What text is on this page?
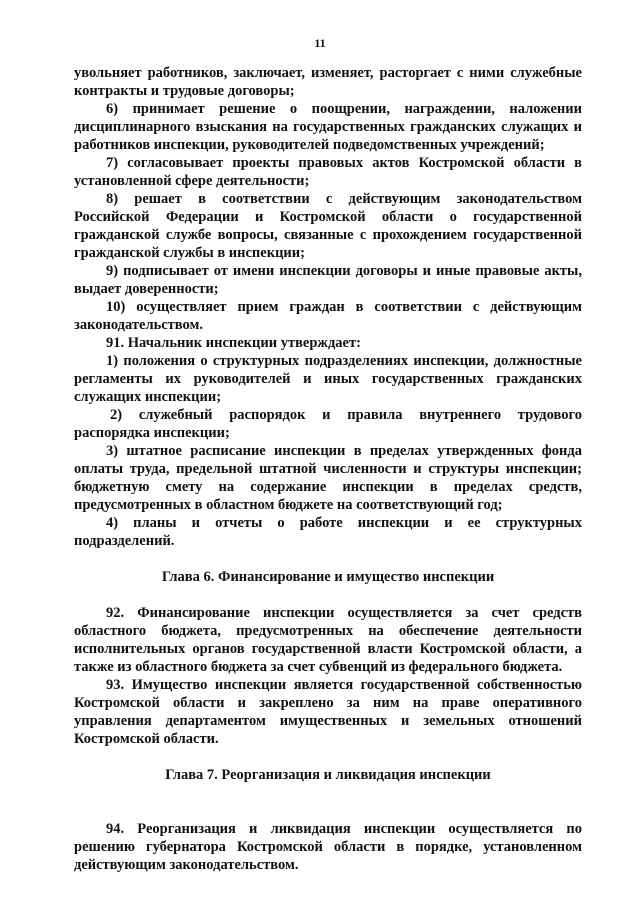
11

увольняет работников, заключает, изменяет, расторгает с ними служебные контракты и трудовые договоры;

6) принимает решение о поощрении, награждении, наложении дисциплинарного взыскания на государственных гражданских служащих и работников инспекции, руководителей подведомственных учреждений;

7) согласовывает проекты правовых актов Костромской области в установленной сфере деятельности;

8) решает в соответствии с действующим законодательством Российской Федерации и Костромской области о государственной гражданской службе вопросы, связанные с прохождением государственной гражданской службы в инспекции;

9) подписывает от имени инспекции договоры и иные правовые акты, выдает доверенности;

10) осуществляет прием граждан в соответствии с действующим законодательством.

91. Начальник инспекции утверждает:

1) положения о структурных подразделениях инспекции, должностные регламенты их руководителей и иных государственных гражданских служащих инспекции;

2) служебный распорядок и правила внутреннего трудового распорядка инспекции;

3) штатное расписание инспекции в пределах утвержденных фонда оплаты труда, предельной штатной численности и структуры инспекции; бюджетную смету на содержание инспекции в пределах средств, предусмотренных в областном бюджете на соответствующий год;

4) планы и отчеты о работе инспекции и ее структурных подразделений.

Глава 6. Финансирование и имущество инспекции

92. Финансирование инспекции осуществляется за счет средств областного бюджета, предусмотренных на обеспечение деятельности исполнительных органов государственной власти Костромской области, а также из областного бюджета за счет субвенций из федерального бюджета.

93. Имущество инспекции является государственной собственностью Костромской области и закреплено за ним на праве оперативного управления департаментом имущественных и земельных отношений Костромской области.

Глава 7. Реорганизация и ликвидация инспекции

94. Реорганизация и ликвидация инспекции осуществляется по решению губернатора Костромской области в порядке, установленном действующим законодательством.
